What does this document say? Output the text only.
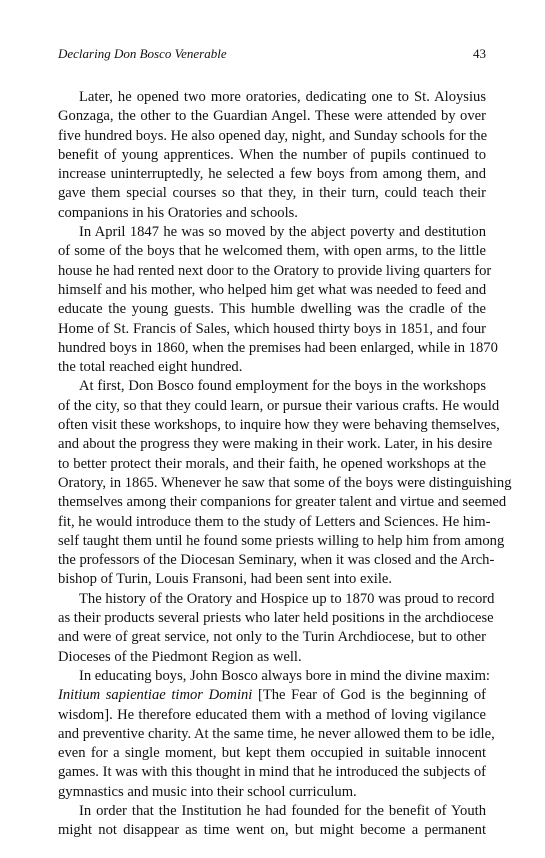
Declaring Don Bosco Venerable	43

Later, he opened two more oratories, dedicating one to St. Aloysius
Gonzaga, the other to the Guardian Angel. These were attended by over
five hundred boys. He also opened day, night, and Sunday schools for the
benefit of young apprentices. When the number of pupils continued to
increase uninterruptedly, he selected a few boys from among them, and
gave them special courses so that they, in their turn, could teach their
companions in his Oratories and schools.

In April 1847 he was so moved by the abject poverty and destitution
of some of the boys that he welcomed them, with open arms, to the little
house he had rented next door to the Oratory to provide living quarters for
himself and his mother, who helped him get what was needed to feed and
educate the young guests. This humble dwelling was the cradle of the
Home of St. Francis of Sales, which housed thirty boys in 1851, and four
hundred boys in 1860, when the premises had been enlarged, while in 1870
the total reached eight hundred.

At first, Don Bosco found employment for the boys in the workshops
of the city, so that they could learn, or pursue their various crafts. He would
often visit these workshops, to inquire how they were behaving themselves,
and about the progress they were making in their work. Later, in his desire
to better protect their morals, and their faith, he opened workshops at the
Oratory, in 1865. Whenever he saw that some of the boys were distinguishing
themselves among their companions for greater talent and virtue and seemed
fit, he would introduce them to the study of Letters and Sciences. He him-
self taught them until he found some priests willing to help him from among
the professors of the Diocesan Seminary, when it was closed and the Arch-
bishop of Turin, Louis Fransoni, had been sent into exile.

The history of the Oratory and Hospice up to 1870 was proud to record
as their products several priests who later held positions in the archdiocese
and were of great service, not only to the Turin Archdiocese, but to other
Dioceses of the Piedmont Region as well.

In educating boys, John Bosco always bore in mind the divine maxim:
Initium sapientiae timor Domini [The Fear of God is the beginning of
wisdom]. He therefore educated them with a method of loving vigilance
and preventive charity. At the same time, he never allowed them to be idle,
even for a single moment, but kept them occupied in suitable innocent
games. It was with this thought in mind that he introduced the subjects of
gymnastics and music into their school curriculum.

In order that the Institution he had founded for the benefit of Youth
might not disappear as time went on, but might become a permanent
